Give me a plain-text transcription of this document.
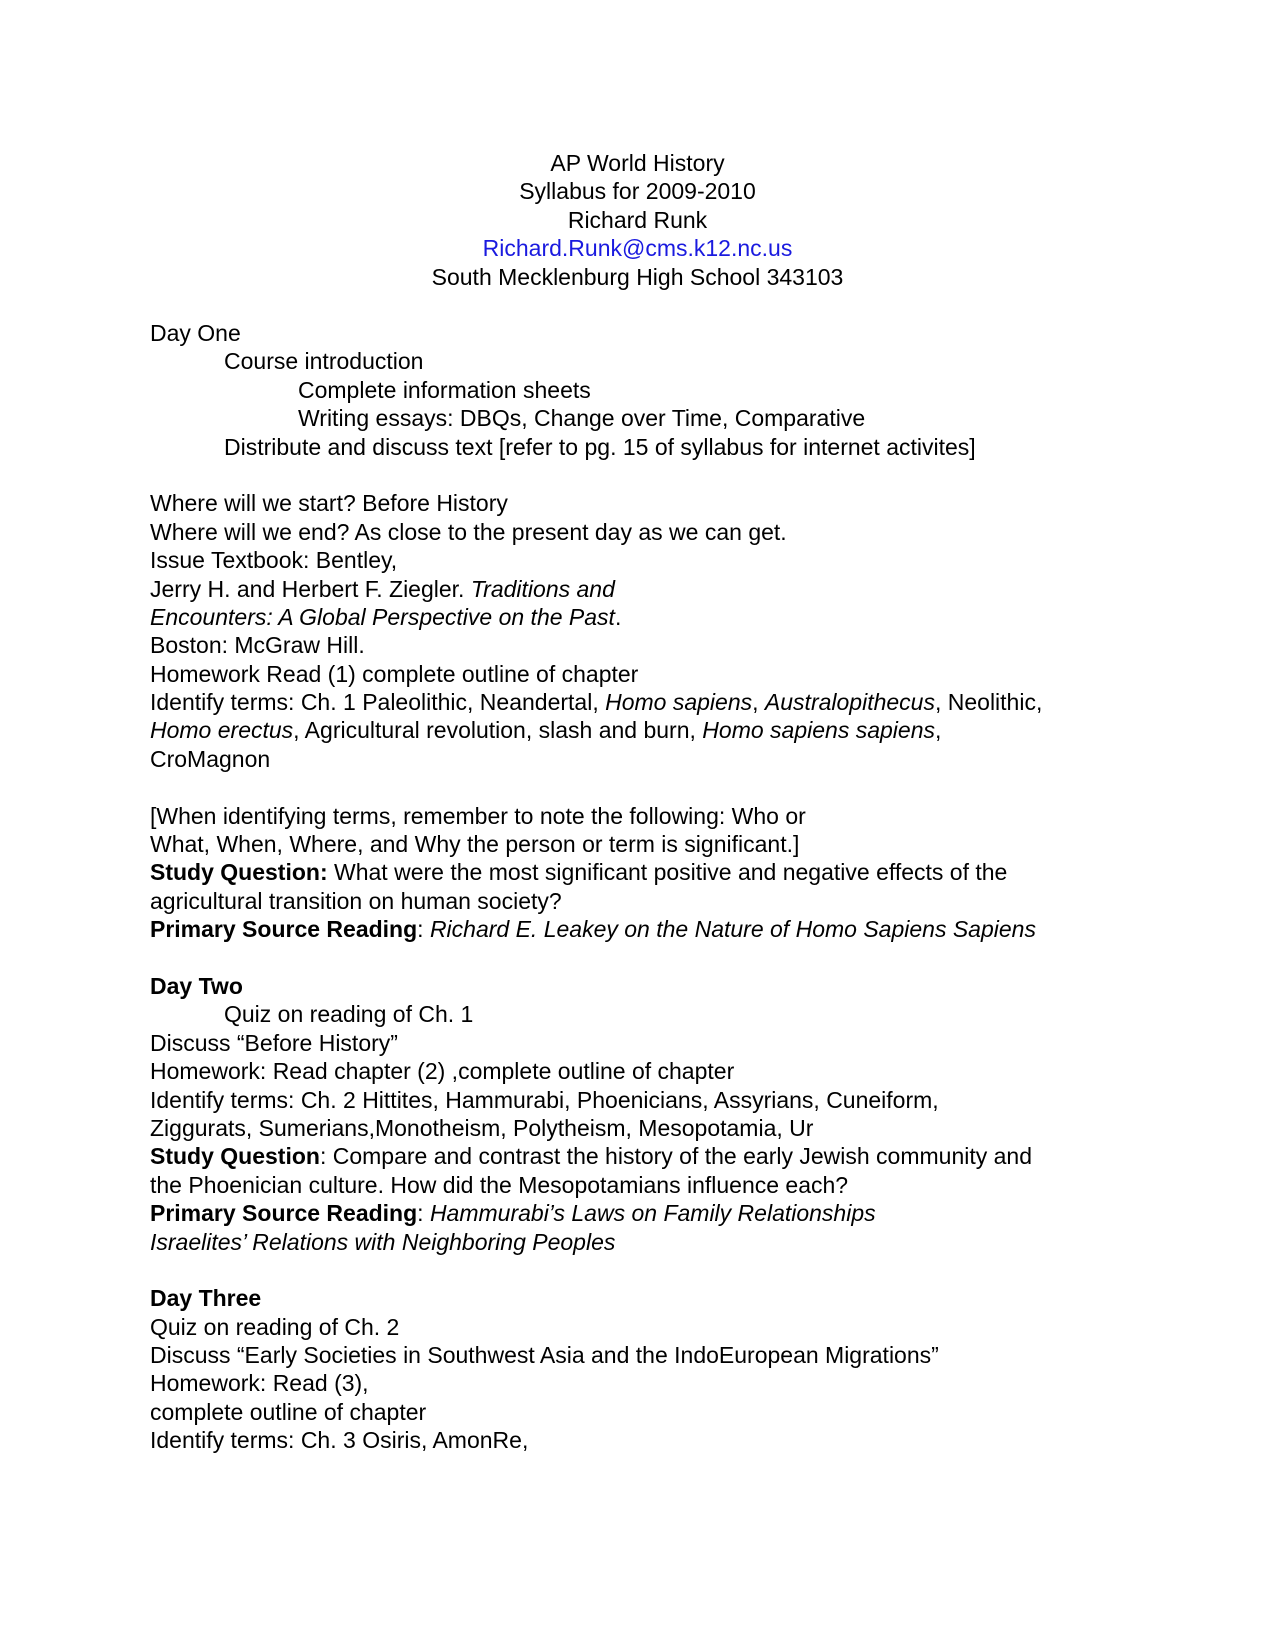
AP World History
Syllabus for 2009-2010
Richard Runk
Richard.Runk@cms.k12.nc.us
South Mecklenburg High School 343103
Day One
Course introduction
Complete information sheets
Writing essays: DBQs, Change over Time, Comparative
Distribute and discuss text [refer to pg. 15 of syllabus for internet activites]
Where will we start? Before History
Where will we end? As close to the present day as we can get.
Issue Textbook: Bentley,
Jerry H. and Herbert F. Ziegler. Traditions and
Encounters: A Global Perspective on the Past.
Boston: McGraw Hill.
Homework Read (1) complete outline of chapter
Identify terms: Ch. 1 Paleolithic, Neandertal, Homo sapiens, Australopithecus, Neolithic,
Homo erectus, Agricultural revolution, slash and burn, Homo sapiens sapiens,
CroMagnon
[When identifying terms, remember to note the following: Who or
What, When, Where, and Why the person or term is significant.]
Study Question: What were the most significant positive and negative effects of the
agricultural transition on human society?
Primary Source Reading: Richard E. Leakey on the Nature of Homo Sapiens Sapiens
Day Two
Quiz on reading of Ch. 1
Discuss “Before History”
Homework: Read chapter (2) ,complete outline of chapter
Identify terms: Ch. 2 Hittites, Hammurabi, Phoenicians, Assyrians, Cuneiform,
Ziggurats, Sumerians,Monotheism, Polytheism, Mesopotamia, Ur
Study Question: Compare and contrast the history of the early Jewish community and
the Phoenician culture. How did the Mesopotamians influence each?
Primary Source Reading: Hammurabi’s Laws on Family Relationships
Israelites’ Relations with Neighboring Peoples
Day Three
Quiz on reading of Ch. 2
Discuss “Early Societies in Southwest Asia and the IndoEuropean Migrations”
Homework: Read (3),
complete outline of chapter
Identify terms: Ch. 3 Osiris, AmonRe,
